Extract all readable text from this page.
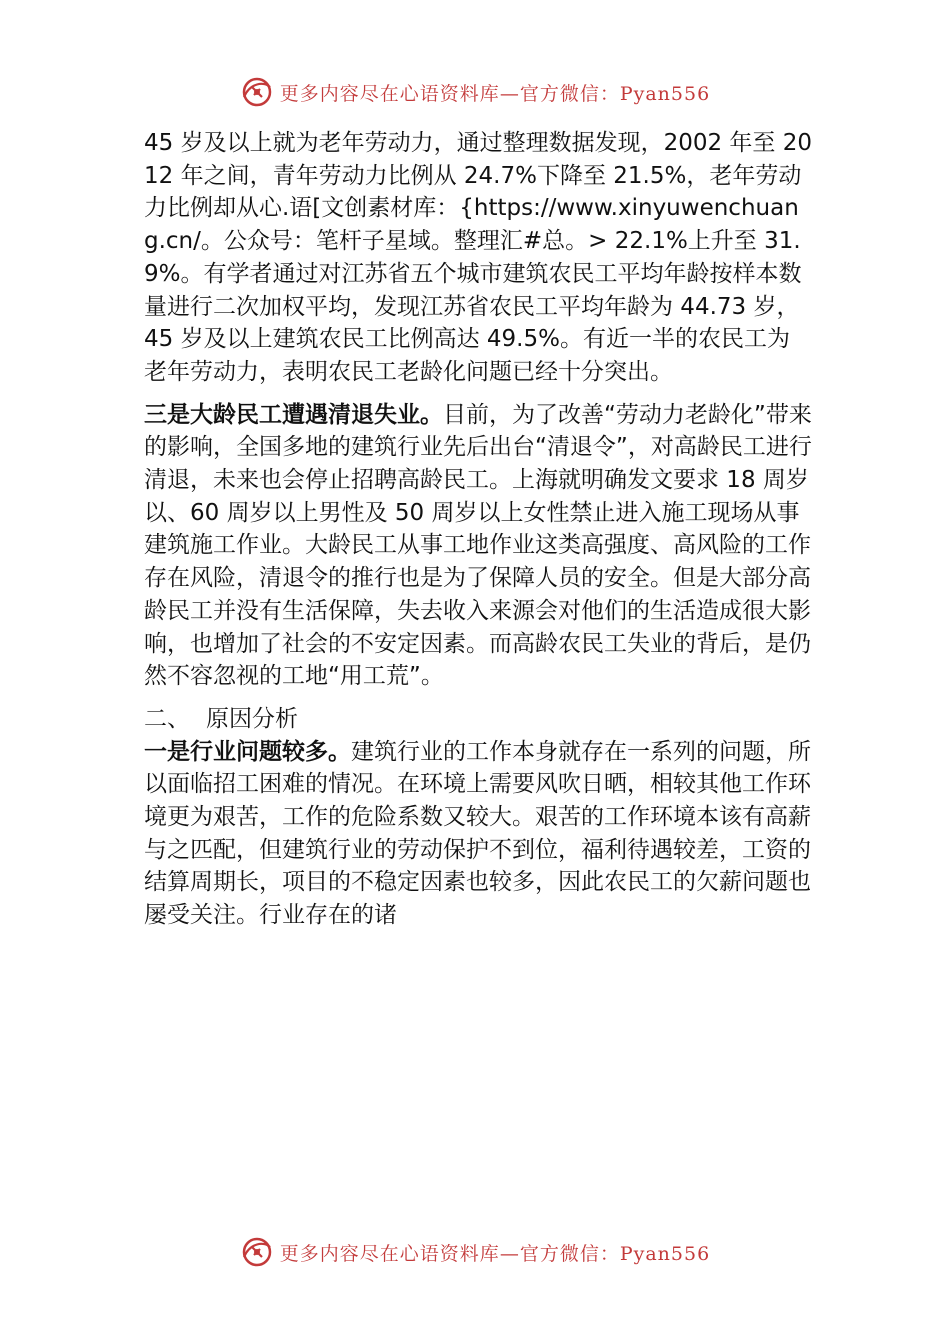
更多内容尽在心语资料库—官方微信：Pyan556

45 岁及以上就为老年劳动力，通过整理数据发现，2002 年至 2012 年之间，青年劳动力比例从 24.7%下降至 21.5%，老年劳动力比例却从心.语[文创素材库：{https://www.xinyuwenchuang.cn/。公众号：笔杆子星域。整理汇#总。> 22.1%上升至 31.9%。有学者通过对江苏省五个城市建筑农民工平均年龄按样本数量进行二次加权平均，发现江苏省农民工平均年龄为 44.73 岁，45 岁及以上建筑农民工比例高达 49.5%。有近一半的农民工为老年劳动力，表明农民工老龄化问题已经十分突出。

三是大龄民工遭遇清退失业。目前，为了改善“劳动力老龄化”带来的影响，全国多地的建筑行业先后出台“清退令”，对高龄民工进行清退，未来也会停止招聘高龄民工。上海就明确发文要求 18 周岁以、60 周岁以上男性及 50 周岁以上女性禁止进入施工现场从事建筑施工作业。大龄民工从事工地作业这类高强度、高风险的工作存在风险，清退令的推行也是为了保障人员的安全。但是大部分高龄民工并没有生活保障，失去收入来源会对他们的生活造成很大影响，也增加了社会的不安定因素。而高龄农民工失业的背后，是仍然不容忽视的工地“用工荒”。

二、 原因分析

一是行业问题较多。建筑行业的工作本身就存在一系列的问题，所以面临招工困难的情况。在环境上需要风吹日晒，相较其他工作环境更为艰苦，工作的危险系数又较大。艰苦的工作环境本该有高薪与之匹配，但建筑行业的劳动保护不到位，福利待遇较差，工资的结算周期长，项目的不稳定因素也较多，因此农民工的欠薪问题也屡受关注。行业存在的诸

更多内容尽在心语资料库—官方微信：Pyan556
